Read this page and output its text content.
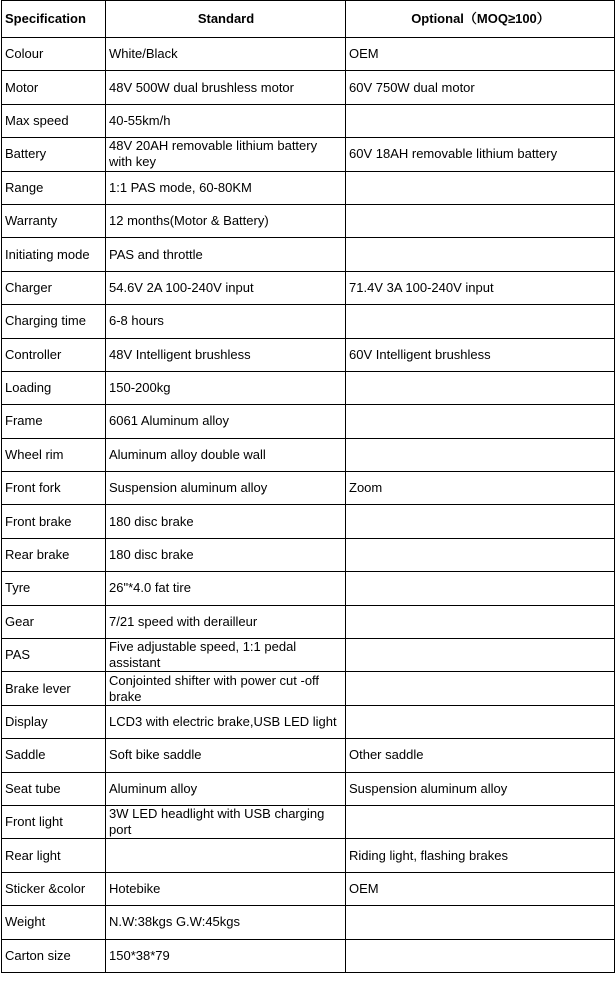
Specification	Standard	Optional（MOQ≥100）
Colour	White/Black	OEM
Motor	48V 500W dual brushless motor	60V 750W dual motor
Max speed	40-55km/h	
Battery	48V 20AH removable lithium battery with key	60V 18AH removable lithium battery
Range	1:1 PAS mode, 60-80KM	
Warranty	12 months(Motor & Battery)	
Initiating mode	PAS and throttle	
Charger	54.6V 2A 100-240V input	71.4V 3A 100-240V input
Charging time	6-8 hours	
Controller	48V Intelligent brushless	60V Intelligent brushless
Loading	150-200kg	
Frame	6061 Aluminum alloy	
Wheel rim	Aluminum alloy double wall	
Front fork	Suspension aluminum alloy	Zoom
Front brake	180 disc brake	
Rear brake	180 disc brake	
Tyre	26"*4.0 fat tire	
Gear	7/21 speed with derailleur	
PAS	Five adjustable speed, 1:1 pedal assistant	
Brake lever	Conjointed shifter with power cut -off brake	
Display	LCD3 with electric brake,USB LED light	
Saddle	Soft bike saddle	Other saddle
Seat tube	Aluminum alloy	Suspension aluminum alloy
Front light	3W LED headlight with USB charging port	
Rear light		Riding light, flashing brakes
Sticker &color	Hotebike	OEM
Weight	N.W:38kgs G.W:45kgs	
Carton size	150*38*79	
